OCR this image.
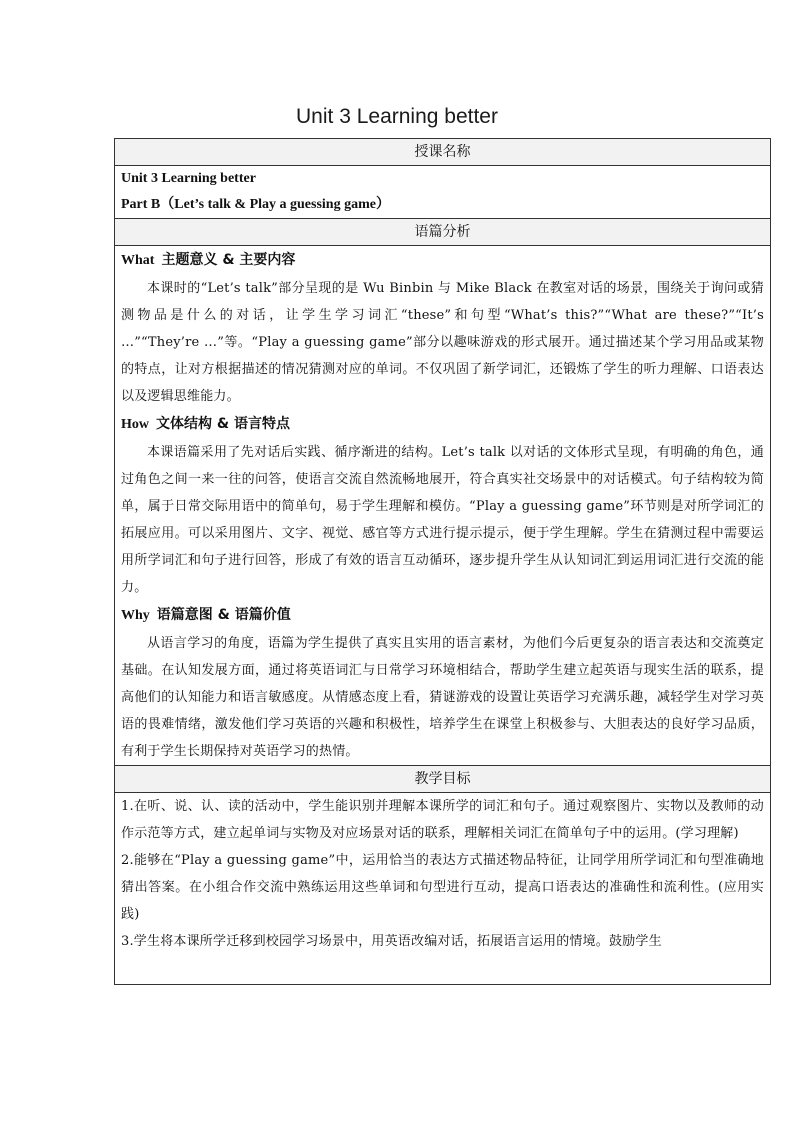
Unit 3 Learning better
授课名称

Unit 3 Learning better
Part B（Let’s talk & Play a guessing game）

语篇分析

What 主题意义 & 主要内容

本课时的“Let’s talk”部分呈现的是 Wu Binbin 与 Mike Black 在教室对话的场景，围绕关于询问或猜测物品是什么的对话，让学生学习词汇“these”和句型“What’s this?”“What are these?”“It’s …”“They’re …”等。“Play a guessing game”部分以趣味游戏的形式展开。通过描述某个学习用品或某物的特点，让对方根据描述的情况猜测对应的单词。不仅巩固了新学词汇，还锻炼了学生的听力理解、口语表达以及逻辑思维能力。

How 文体结构 & 语言特点

本课语篇采用了先对话后实践、循序渐进的结构。Let’s talk 以对话的文体形式呈现，有明确的角色，通过角色之间一来一往的问答，使语言交流自然流畅地展开，符合真实社交场景中的对话模式。句子结构较为简单，属于日常交际用语中的简单句，易于学生理解和模仿。“Play a guessing game”环节则是对所学词汇的拓展应用。可以采用图片、文字、视觉、感官等方式进行提示提示，便于学生理解。学生在猜测过程中需要运用所学词汇和句子进行回答，形成了有效的语言互动循环，逐步提升学生从认知词汇到运用词汇进行交流的能力。

Why 语篇意图 & 语篇价值

从语言学习的角度，语篇为学生提供了真实且实用的语言素材，为他们今后更复杂的语言表达和交流奠定基础。在认知发展方面，通过将英语词汇与日常学习环境相结合，帮助学生建立起英语与现实生活的联系，提高他们的认知能力和语言敏感度。从情感态度上看，猜谜游戏的设置让英语学习充满乐趣，减轻学生对学习英语的畏难情绪，激发他们学习英语的兴趣和积极性，培养学生在课堂上积极参与、大胆表达的良好学习品质，有利于学生长期保持对英语学习的热情。

教学目标

1.在听、说、认、读的活动中，学生能识别并理解本课所学的词汇和句子。通过观察图片、实物以及教师的动作示范等方式，建立起单词与实物及对应场景对话的联系，理解相关词汇在简单句子中的运用。(学习理解)

2.能够在“Play a guessing game”中，运用恰当的表达方式描述物品特征，让同学用所学词汇和句型准确地猜出答案。在小组合作交流中熟练运用这些单词和句型进行互动，提高口语表达的准确性和流利性。(应用实践)

3.学生将本课所学迁移到校园学习场景中，用英语改编对话，拓展语言运用的情境。鼓励学生
